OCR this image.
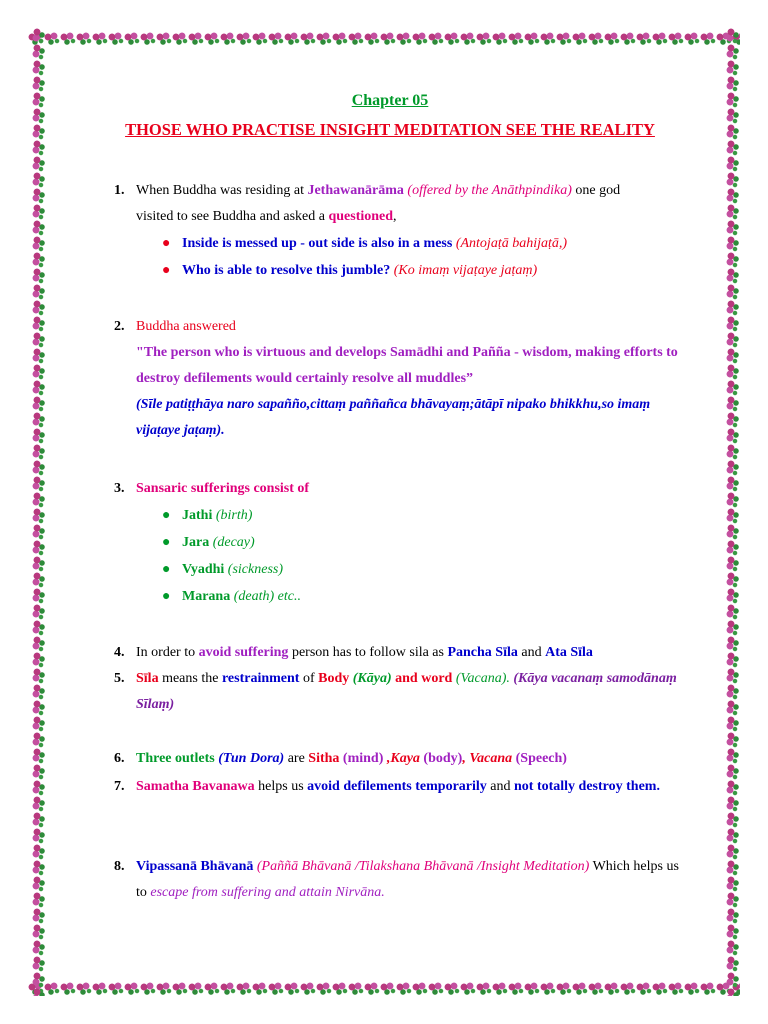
Chapter 05

THOSE WHO PRACTISE INSIGHT MEDITATION SEE THE REALITY

1. When Buddha was residing at Jethawanārāma (offered by the Anāthpindika) one god
visited to see Buddha and asked a questioned,
● Inside is messed up - out side is also in a mess (Antojaṭā bahijaṭā,)
● Who is able to resolve this jumble? (Ko imaṃ vijaṭaye jaṭaṃ)
2. Buddha answered
"The person who is virtuous and develops Samādhi and Pañña - wisdom, making efforts to destroy defilements would certainly resolve all muddles”
(Sīle patiṭṭhāya naro sapañño,cittaṃ paññañca bhāvayaṃ;ātāpī nipako bhikkhu,so imaṃ vijaṭaye jaṭaṃ).
3. Sansaric sufferings consist of
● Jathi (birth)
● Jara (decay)
● Vyadhi (sickness)
● Marana (death) etc..
4. In order to avoid suffering person has to follow sila as Pancha Sīla and Ata Sīla
5. Sīla means the restrainment of Body (Kāya) and word (Vacana). (Kāya vacanaṃ samodānaṃ Sīlaṃ)
6. Three outlets (Tun Dora) are Sitha (mind) ,Kaya (body), Vacana (Speech)
7. Samatha Bavanawa helps us avoid defilements temporarily and not totally destroy them.
8. Vipassanā Bhāvanā (Paññā Bhāvanā /Tilakshana Bhāvanā /Insight Meditation) Which helps us to escape from suffering and attain Nirvāna.
